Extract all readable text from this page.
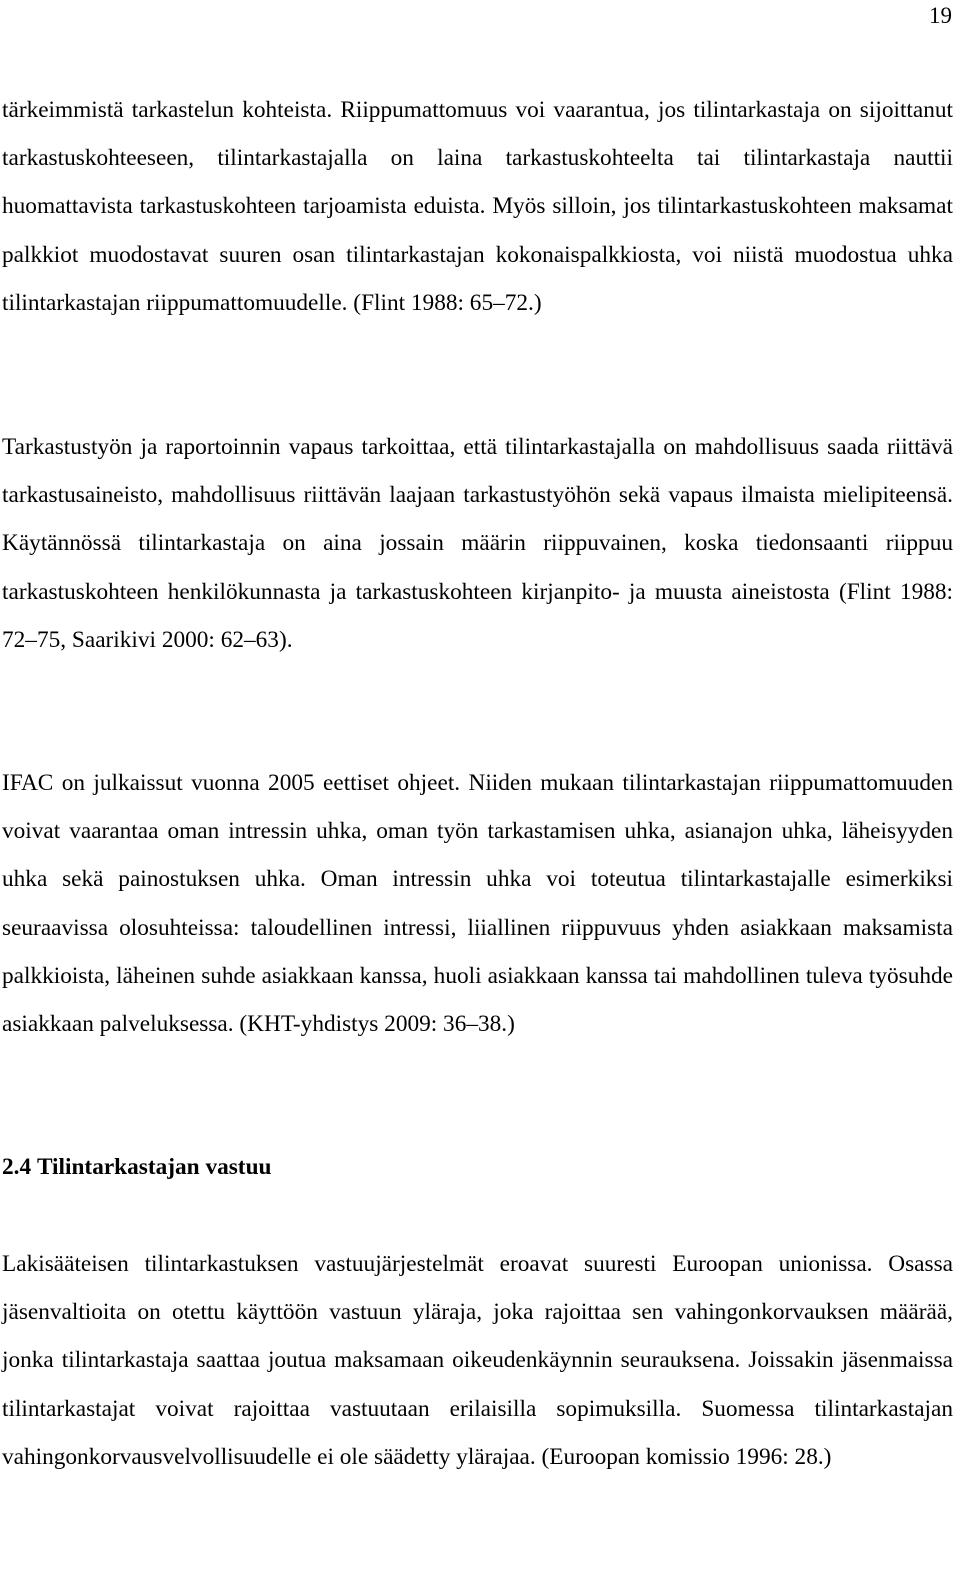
19

tärkeimmistä tarkastelun kohteista. Riippumattomuus voi vaarantua, jos tilintarkastaja on sijoittanut tarkastuskohteeseen, tilintarkastajalla on laina tarkastuskohteelta tai tilintarkastaja nauttii huomattavista tarkastuskohteen tarjoamista eduista. Myös silloin, jos tilintarkastuskohteen maksamat palkkiot muodostavat suuren osan tilintarkastajan kokonaispalkkiosta, voi niistä muodostua uhka tilintarkastajan riippumattomuudelle. (Flint 1988: 65–72.)

Tarkastustyön ja raportoinnin vapaus tarkoittaa, että tilintarkastajalla on mahdollisuus saada riittävä tarkastusaineisto, mahdollisuus riittävän laajaan tarkastustyöhön sekä vapaus ilmaista mielipiteensä. Käytännössä tilintarkastaja on aina jossain määrin riippuvainen, koska tiedonsaanti riippuu tarkastuskohteen henkilökunnasta ja tarkastuskohteen kirjanpito- ja muusta aineistosta (Flint 1988: 72–75, Saarikivi 2000: 62–63).

IFAC on julkaissut vuonna 2005 eettiset ohjeet. Niiden mukaan tilintarkastajan riippumattomuuden voivat vaarantaa oman intressin uhka, oman työn tarkastamisen uhka, asianajon uhka, läheisyyden uhka sekä painostuksen uhka. Oman intressin uhka voi toteutua tilintarkastajalle esimerkiksi seuraavissa olosuhteissa: taloudellinen intressi, liiallinen riippuvuus yhden asiakkaan maksamista palkkioista, läheinen suhde asiakkaan kanssa, huoli asiakkaan kanssa tai mahdollinen tuleva työsuhde asiakkaan palveluksessa. (KHT-yhdistys 2009: 36–38.)

2.4 Tilintarkastajan vastuu

Lakisääteisen tilintarkastuksen vastuujärjestelmät eroavat suuresti Euroopan unionissa. Osassa jäsenvaltioita on otettu käyttöön vastuun yläraja, joka rajoittaa sen vahingonkorvauksen määrää, jonka tilintarkastaja saattaa joutua maksamaan oikeudenkäynnin seurauksena. Joissakin jäsenmaissa tilintarkastajat voivat rajoittaa vastuutaan erilaisilla sopimuksilla. Suomessa tilintarkastajan vahingonkorvausvelvollisuudelle ei ole säädetty ylärajaa. (Euroopan komissio 1996: 28.)
